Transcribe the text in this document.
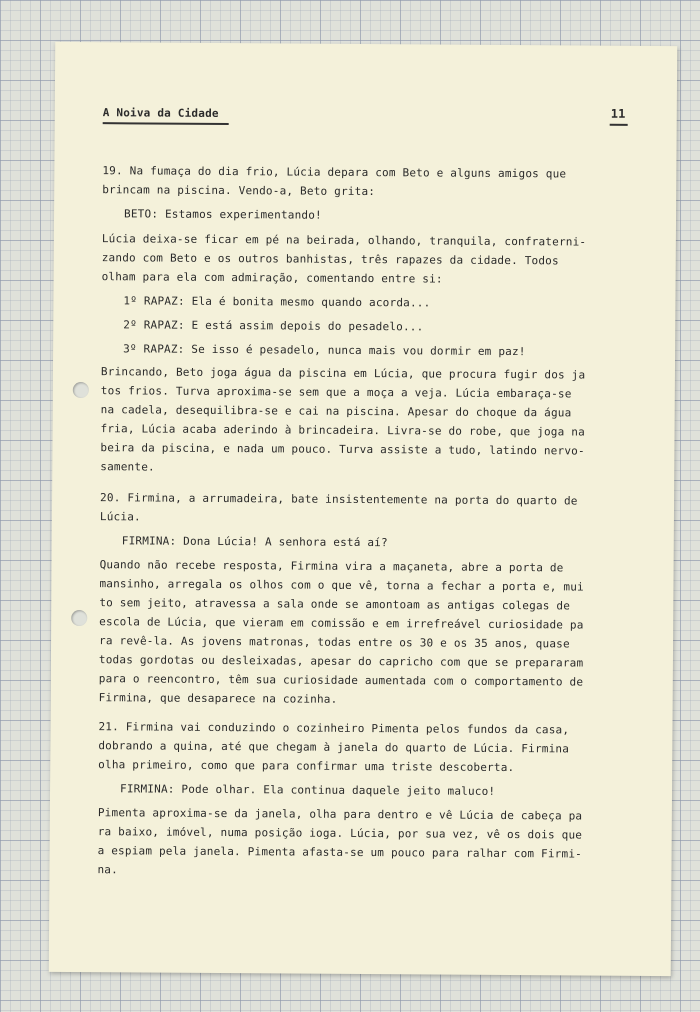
A Noiva da Cidade	11
19. Na fumaça do dia frio, Lúcia depara com Beto e alguns amigos que
brincam na piscina. Vendo-a, Beto grita:
BETO: Estamos experimentando!
Lúcia deixa-se ficar em pé na beirada, olhando, tranquila, confraterni-
zando com Beto e os outros banhistas, três rapazes da cidade. Todos
olham para ela com admiração, comentando entre si:
1º RAPAZ: Ela é bonita mesmo quando acorda...
2º RAPAZ: E está assim depois do pesadelo...
3º RAPAZ: Se isso é pesadelo, nunca mais vou dormir em paz!
Brincando, Beto joga água da piscina em Lúcia, que procura fugir dos ja
tos frios. Turva aproxima-se sem que a moça a veja. Lúcia embaraça-se
na cadela, desequilibra-se e cai na piscina. Apesar do choque da água
fria, Lúcia acaba aderindo à brincadeira. Livra-se do robe, que joga na
beira da piscina, e nada um pouco. Turva assiste a tudo, latindo nervo-
samente.
20. Firmina, a arrumadeira, bate insistentemente na porta do quarto de
Lúcia.
FIRMINA: Dona Lúcia! A senhora está aí?
Quando não recebe resposta, Firmina vira a maçaneta, abre a porta de
mansinho, arregala os olhos com o que vê, torna a fechar a porta e, mui
to sem jeito, atravessa a sala onde se amontoam as antigas colegas de
escola de Lúcia, que vieram em comissão e em irrefreável curiosidade pa
ra revê-la. As jovens matronas, todas entre os 30 e os 35 anos, quase
todas gordotas ou desleixadas, apesar do capricho com que se prepararam
para o reencontro, têm sua curiosidade aumentada com o comportamento de
Firmina, que desaparece na cozinha.
21. Firmina vai conduzindo o cozinheiro Pimenta pelos fundos da casa,
dobrando a quina, até que chegam à janela do quarto de Lúcia. Firmina
olha primeiro, como que para confirmar uma triste descoberta.
FIRMINA: Pode olhar. Ela continua daquele jeito maluco!
Pimenta aproxima-se da janela, olha para dentro e vê Lúcia de cabeça pa
ra baixo, imóvel, numa posição ioga. Lúcia, por sua vez, vê os dois que
a espiam pela janela. Pimenta afasta-se um pouco para ralhar com Firmi-
na.
